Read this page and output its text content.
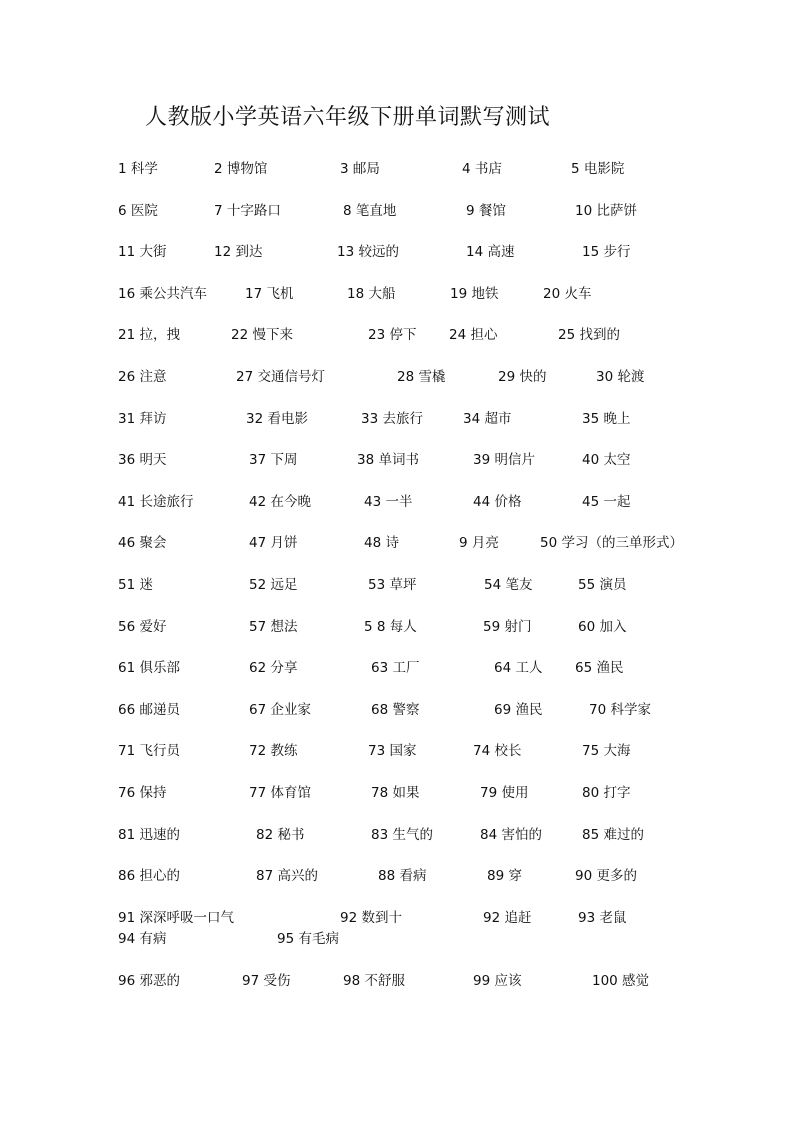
人教版小学英语六年级下册单词默写测试
1 科学	2 博物馆	3 邮局	4 书店	5 电影院
6 医院	7 十字路口	8 笔直地	9 餐馆	10 比萨饼
11 大街	12 到达	13 较远的	14 高速	15 步行
16 乘公共汽车	17 飞机	18 大船	19 地铁	20 火车
21 拉，拽	22 慢下来	23 停下 24 担心	25 找到的
26 注意	27 交通信号灯	28 雪橇	29 快的	30 轮渡
31 拜访	32 看电影	33 去旅行	34 超市	35 晚上
36 明天	37 下周	38 单词书	39 明信片	40 太空
41 长途旅行	42 在今晚	43 一半	44 价格	45 一起
46 聚会	47 月饼	48 诗	9 月亮	50 学习（的三单形式）
51 迷	52 远足	53 草坪	54 笔友	55 演员
56 爱好	57 想法	5 8 每人	59 射门	60 加入
61 俱乐部	62 分享	63 工厂	64 工人 65 渔民
66 邮递员	67 企业家	68 警察	69 渔民	70 科学家
71 飞行员	72 教练	73 国家	74 校长	75 大海
76 保持	77 体育馆	78 如果	79 使用	80 打字
81 迅速的	82 秘书	83 生气的	84 害怕的	85 难过的
86 担心的	87 高兴的	88 看病	89 穿	90 更多的
91 深深呼吸一口气	92 数到十	92 追赶	93 老鼠
94 有病	95 有毛病
96 邪恶的	97 受伤	98 不舒服	99 应该	100 感觉
